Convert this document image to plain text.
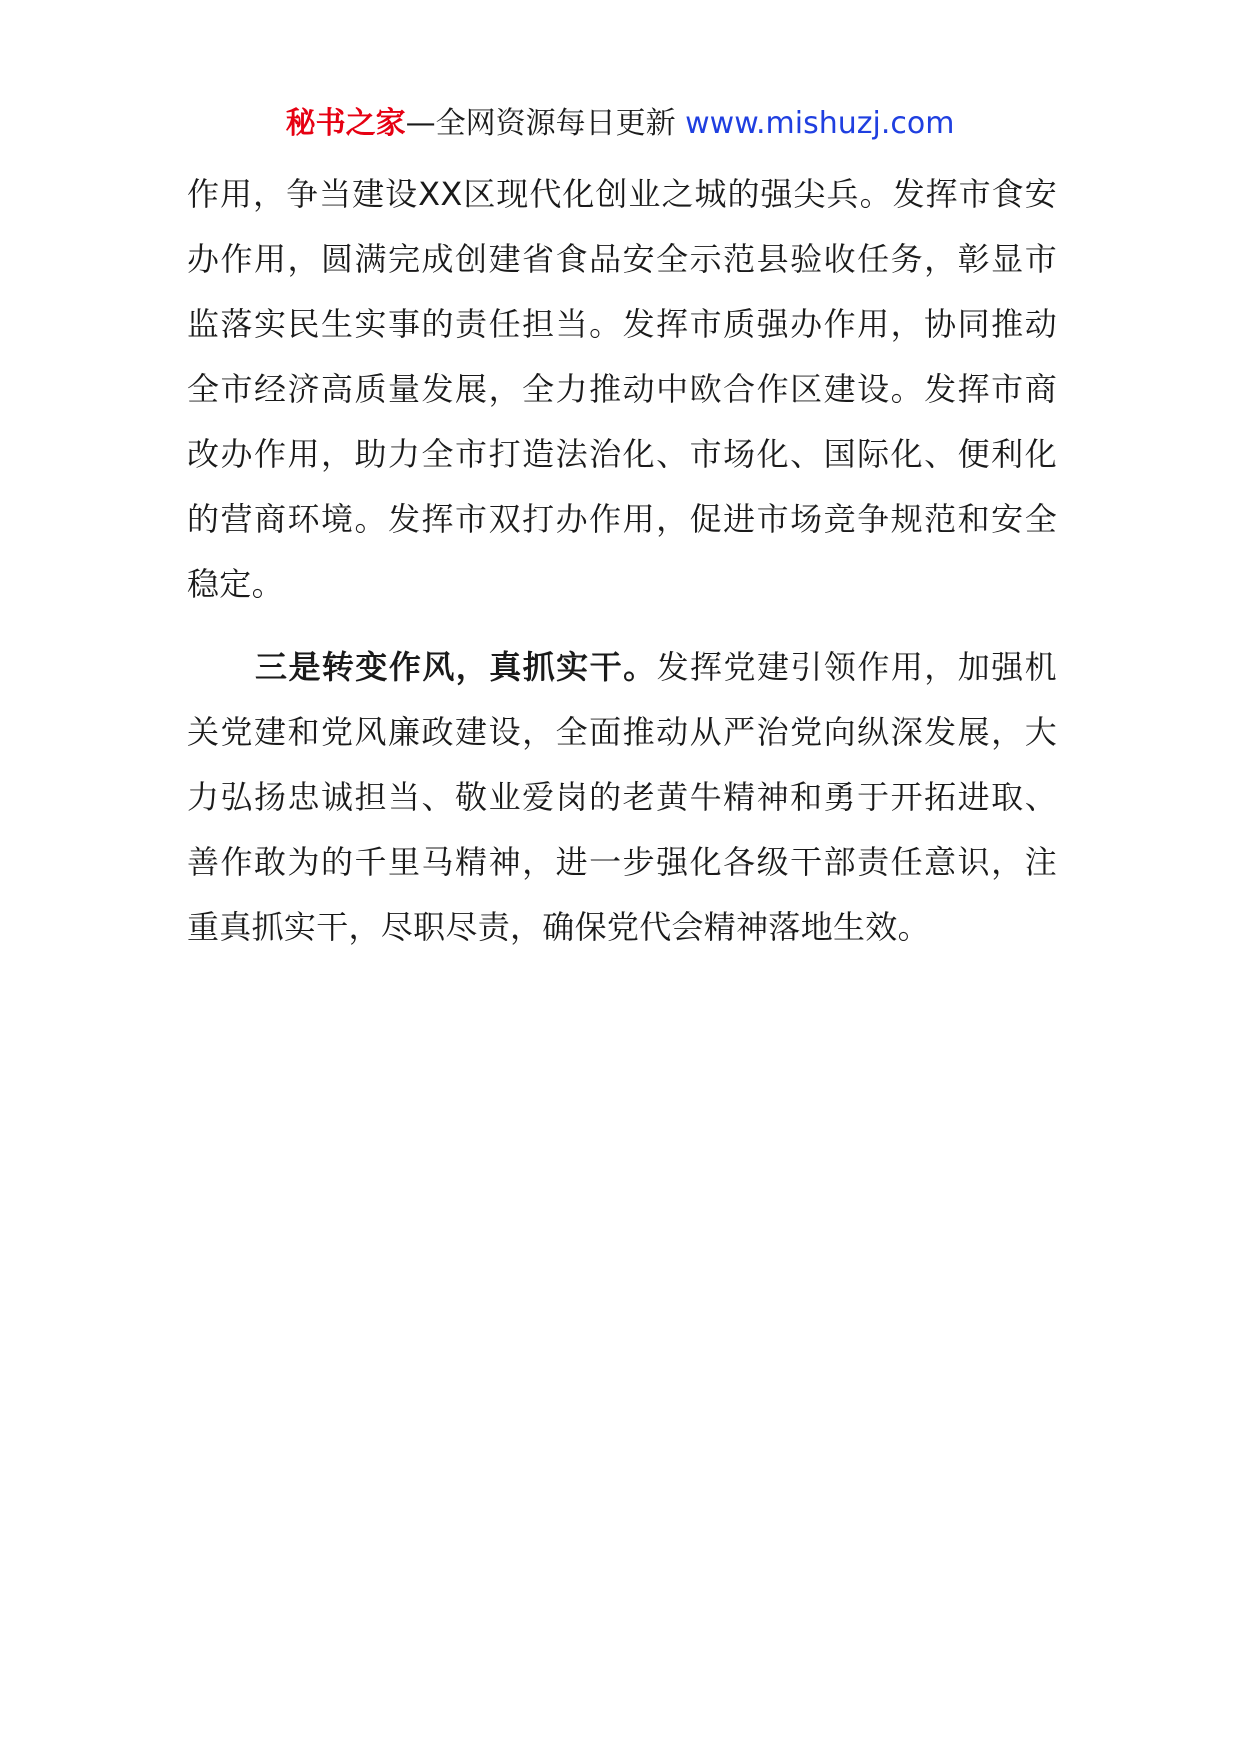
秘书之家—全网资源每日更新 www.mishuzj.com

作用，争当建设XX区现代化创业之城的强尖兵。发挥市食安办作用，圆满完成创建省食品安全示范县验收任务，彰显市监落实民生实事的责任担当。发挥市质强办作用，协同推动全市经济高质量发展，全力推动中欧合作区建设。发挥市商改办作用，助力全市打造法治化、市场化、国际化、便利化的营商环境。发挥市双打办作用，促进市场竞争规范和安全稳定。

三是转变作风，真抓实干。发挥党建引领作用，加强机关党建和党风廉政建设，全面推动从严治党向纵深发展，大力弘扬忠诚担当、敬业爱岗的老黄牛精神和勇于开拓进取、善作敢为的千里马精神，进一步强化各级干部责任意识，注重真抓实干，尽职尽责，确保党代会精神落地生效。
